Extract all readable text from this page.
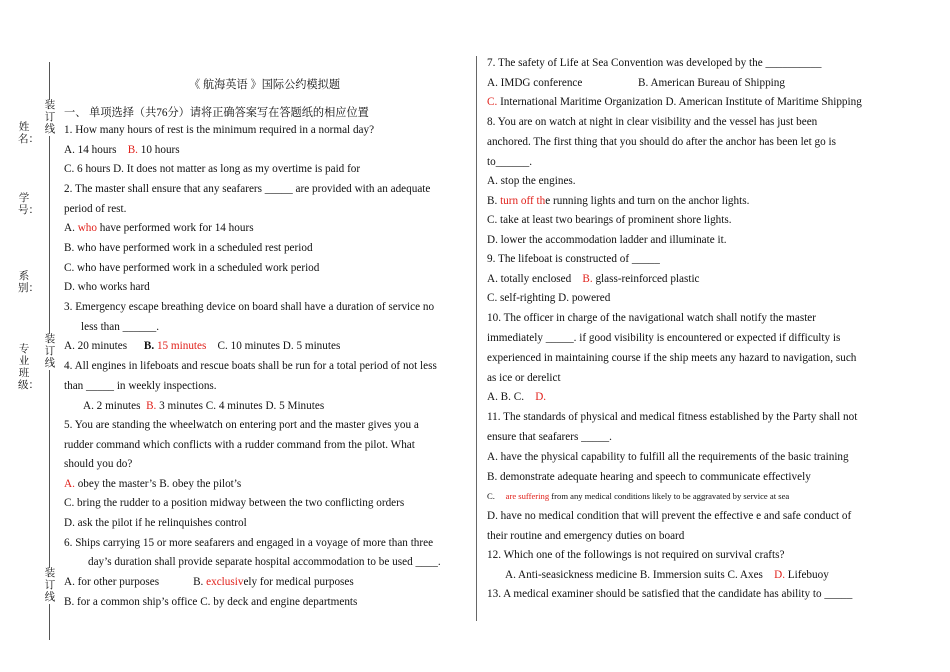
装订线
装订线
装订线
姓名：
学号：
系别：
专业班级：
《 航海英语 》国际公约模拟题
一、 单项选择（共76分）请将正确答案写在答题纸的相应位置
1. How many hours of rest is the minimum required in a normal day?
A. 14 hours B. 10 hours
C. 6 hours D. It does not matter as long as my overtime is paid for
2. The master shall ensure that any seafarers _____ are provided with an adequate
period of rest.
A. who have performed work for 14 hours
B. who have performed work in a scheduled rest period
C. who have performed work in a scheduled work period
D. who works hard
3. Emergency escape breathing device on board shall have a duration of service no
less than ______.
A. 20 minutes B. 15 minutes C. 10 minutes D. 5 minutes
4. All engines in lifeboats and rescue boats shall be run for a total period of not less
than _____ in weekly inspections.
A. 2 minutes B. 3 minutes C. 4 minutes D. 5 Minutes
5. You are standing the wheelwatch on entering port and the master gives you a
rudder command which conflicts with a rudder command from the pilot. What
should you do?
A. obey the master’s B. obey the pilot’s
C. bring the rudder to a position midway between the two conflicting orders
D. ask the pilot if he relinquishes control
6. Ships carrying 15 or more seafarers and engaged in a voyage of more than three
day’s duration shall provide separate hospital accommodation to be used ____.
A. for other purposes	B. exclusively for medical purposes
B. for a common ship’s office C. by deck and engine departments
7. The safety of Life at Sea Convention was developed by the __________
A. IMDG conference	B. American Bureau of Shipping
C. International Maritime Organization D. American Institute of Maritime Shipping
8. You are on watch at night in clear visibility and the vessel has just been
anchored. The first thing that you should do after the anchor has been let go is
to______.
A. stop the engines.
B. turn off the running lights and turn on the anchor lights.
C. take at least two bearings of prominent shore lights.
D. lower the accommodation ladder and illuminate it.
9. The lifeboat is constructed of _____
A. totally enclosed B. glass-reinforced plastic
C. self-righting D. powered
10. The officer in charge of the navigational watch shall notify the master
immediately _____. if good visibility is encountered or expected if difficulty is
experienced in maintaining course if the ship meets any hazard to navigation, such
as ice or derelict
A. B. C. D.
11. The standards of physical and medical fitness established by the Party shall not
ensure that seafarers _____.
A. have the physical capability to fulfill all the requirements of the basic training
B. demonstrate adequate hearing and speech to communicate effectively
C. are suffering from any medical conditions likely to be aggravated by service at sea
D. have no medical condition that will prevent the effective e and safe conduct of
their routine and emergency duties on board
12. Which one of the followings is not required on survival crafts?
A. Anti-seasickness medicine B. Immersion suits C. Axes D. Lifebuoy
13. A medical examiner should be satisfied that the candidate has ability to _____
